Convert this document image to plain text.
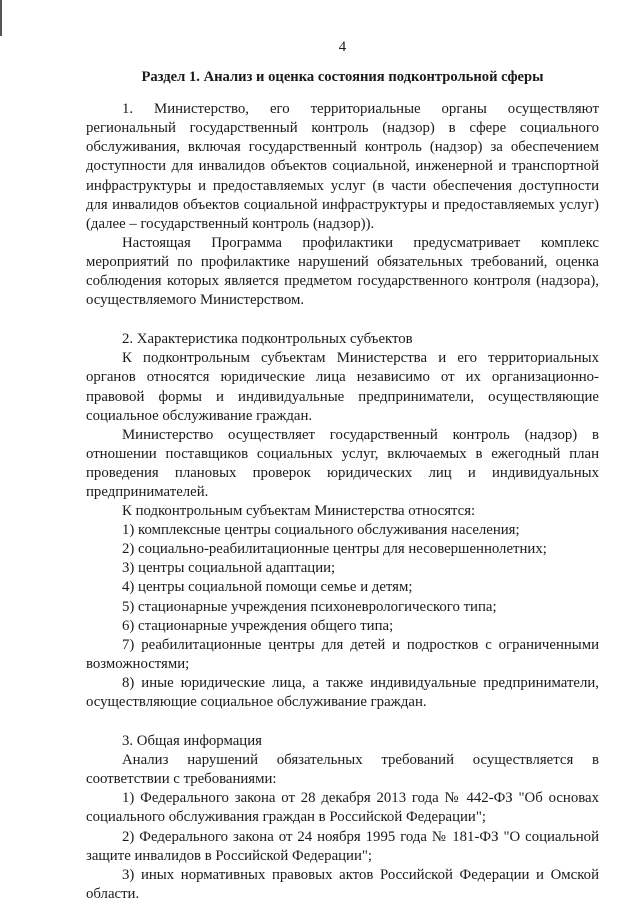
4
Раздел 1. Анализ и оценка состояния подконтрольной сферы

1. Министерство, его территориальные органы осуществляют региональный государственный контроль (надзор) в сфере социального обслуживания, включая государственный контроль (надзор) за обеспечением доступности для инвалидов объектов социальной, инженерной и транспортной инфраструктуры и предоставляемых услуг (в части обеспечения доступности для инвалидов объектов социальной инфраструктуры и предоставляемых услуг) (далее – государственный контроль (надзор)).

Настоящая Программа профилактики предусматривает комплекс мероприятий по профилактике нарушений обязательных требований, оценка соблюдения которых является предметом государственного контроля (надзора), осуществляемого Министерством.

2. Характеристика подконтрольных субъектов

К подконтрольным субъектам Министерства и его территориальных органов относятся юридические лица независимо от их организационно-правовой формы и индивидуальные предприниматели, осуществляющие социальное обслуживание граждан.

Министерство осуществляет государственный контроль (надзор) в отношении поставщиков социальных услуг, включаемых в ежегодный план проведения плановых проверок юридических лиц и индивидуальных предпринимателей.

К подконтрольным субъектам Министерства относятся:

1) комплексные центры социального обслуживания населения;

2) социально-реабилитационные центры для несовершеннолетних;

3) центры социальной адаптации;

4) центры социальной помощи семье и детям;

5) стационарные учреждения психоневрологического типа;

6) стационарные учреждения общего типа;

7) реабилитационные центры для детей и подростков с ограниченными возможностями;

8) иные юридические лица, а также индивидуальные предприниматели, осуществляющие социальное обслуживание граждан.

3. Общая информация

Анализ нарушений обязательных требований осуществляется в соответствии с требованиями:

1) Федерального закона от 28 декабря 2013 года № 442-ФЗ "Об основах социального обслуживания граждан в Российской Федерации";

2) Федерального закона от 24 ноября 1995 года № 181-ФЗ "О социальной защите инвалидов в Российской Федерации";

3) иных нормативных правовых актов Российской Федерации и Омской области.
